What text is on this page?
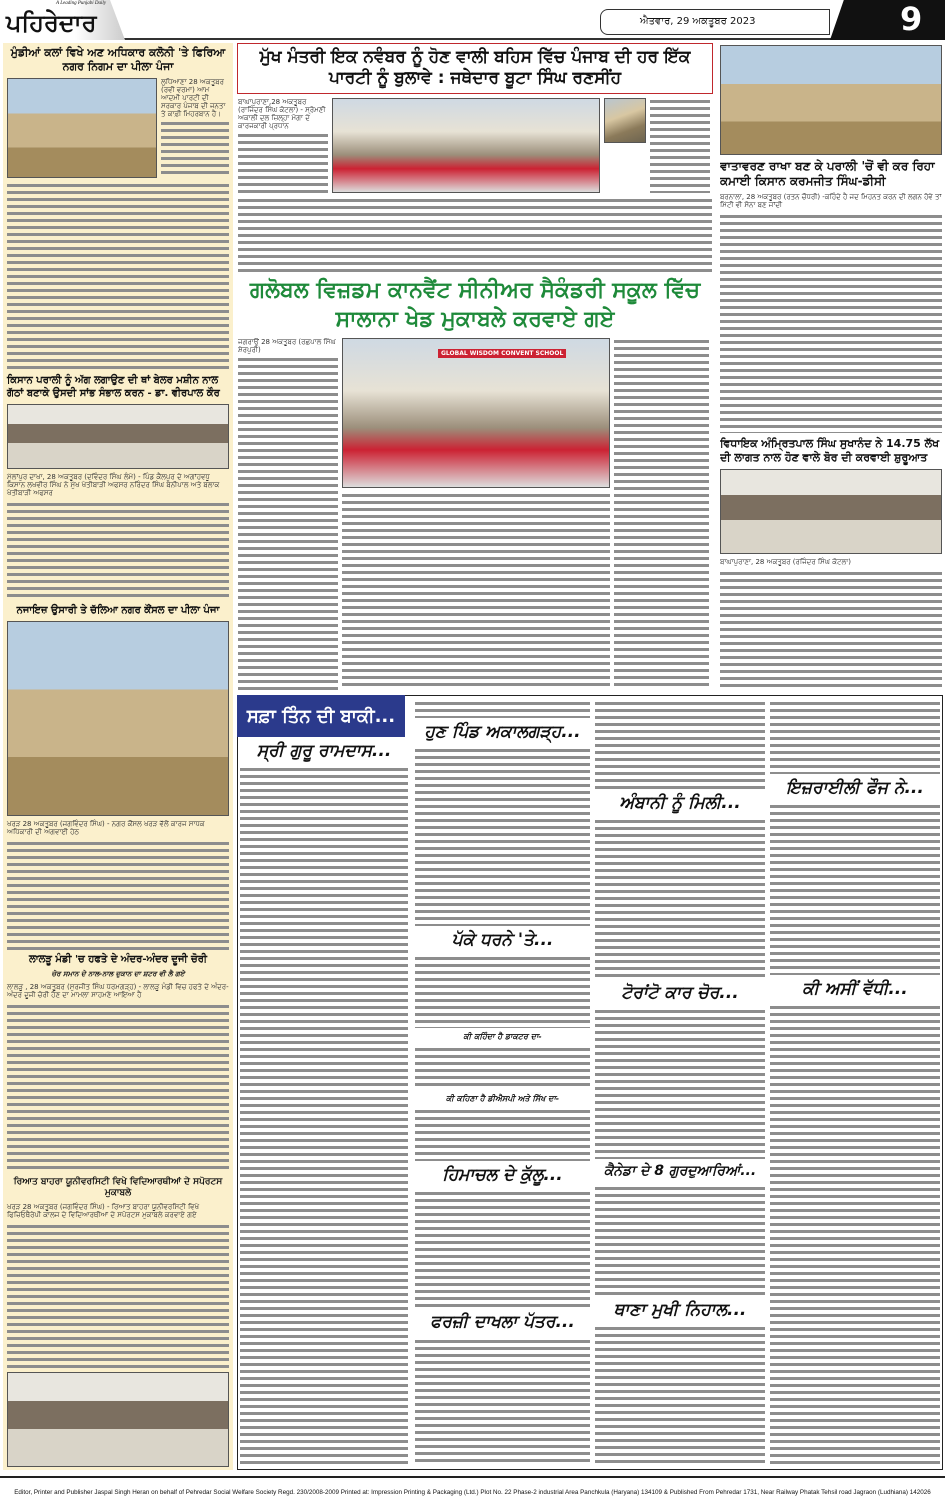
A Leading Punjabi Daily
ਪਹਿਰੇਦਾਰ	ਐਤਵਾਰ, 29 ਅਕਤੂਬਰ 2023	9
ਮੁੰਡੀਆਂ ਕਲਾਂ ਵਿਖੇ ਅਣ ਅਧਿਕਾਰ ਕਲੋਨੀ 'ਤੇ ਫਿਰਿਆ ਨਗਰ ਨਿਗਮ ਦਾ ਪੀਲਾ ਪੰਜਾ
ਲੁਧਿਆਣਾ 28 ਅਕਤੂਬਰ (ਰਵੀ ਵਰਮਾ) ਆਮ ਆਦਮੀ ਪਾਰਟੀ ਦੀ ਸਰਕਾਰ ਪੰਜਾਬ ਦੀ ਜਨਤਾ ਤੇ ਕਾਫ਼ੀ ਮਿਹਰਬਾਨ ਹੈ।
ਕਿਸਾਨ ਪਰਾਲੀ ਨੂੰ ਅੱਗ ਲਗਾਉਣ ਦੀ ਥਾਂ ਬੇਲਰ ਮਸ਼ੀਨ ਨਾਲ ਗੱਠਾਂ ਬਣਾਕੇ ਉਸਦੀ ਸਾਂਭ ਸੰਭਾਲ ਕਰਨ - ਡਾ. ਵੀਰਪਾਲ ਕੌਰ
ਮੁੱਲਾਂਪੁਰ ਦਾਖਾ, 28 ਅਕਤੂਬਰ (ਦਵਿੰਦਰ ਸਿੰਘ ਲੰਮੇ) - ਪਿੰਡ ਕੈਲਪੁਰ ਦੇ ਅਗਾਂਹਵਧੂ ਕਿਸਾਨ ਲਖਵੀਰ ਸਿੰਘ ਨੇ ਮੁੱਖ ਖੇਤੀਬਾੜੀ ਅਫਸਰ ਨਰਿੰਦਰ ਸਿੰਘ ਬੇਨੀਪਾਲ ਅਤੇ ਬਲਾਕ ਖੇਤੀਬਾੜੀ ਅਫਸਰ
ਨਜਾਇਜ਼ ਉਸਾਰੀ ਤੇ ਚੱਲਿਆ ਨਗਰ ਕੌਂਸਲ ਦਾ ਪੀਲਾ ਪੰਜਾ
ਖਰੜ 28 ਅਕਤੂਬਰ (ਜਗਵਿੰਦਰ ਸਿੰਘ) - ਨਗਰ ਕੌਂਸਲ ਖਰੜ ਵੱਲੋਂ ਕਾਰਜ ਸਾਧਕ ਅਧਿਕਾਰੀ ਦੀ ਅਗਵਾਈ ਹੇਠ
ਲਾਲੜੂ ਮੰਡੀ 'ਚ ਹਫਤੇ ਦੇ ਅੰਦਰ-ਅੰਦਰ ਦੂਜੀ ਚੋਰੀ
ਚੋਰ ਸਮਾਨ ਦੇ ਨਾਲ-ਨਾਲ ਦੁਕਾਨ ਦਾ ਸ਼ਟਰ ਵੀ ਲੈ ਗਏ
ਲਾਲੜੂ , 28 ਅਕਤੂਬਰ (ਸੁਰਜੀਤ ਸਿੰਘ ਧਰਮਗੜ੍ਹ) - ਲਾਲੜੂ ਮੰਡੀ ਵਿਚ ਹਫਤੇ ਦੇ ਅੰਦਰ-ਅੰਦਰ ਦੂਜੀ ਚੋਰੀ ਹੋਣ ਦਾ ਮਾਮਲਾ ਸਾਹਮਣੇ ਆਇਆ ਹੈ
ਰਿਆਤ ਬਾਹਰਾ ਯੂਨੀਵਰਸਿਟੀ ਵਿਖੇ ਵਿਦਿਆਰਥੀਆਂ ਦੇ ਸਪੋਰਟਸ ਮੁਕਾਬਲੇ
ਖਰੜ 28 ਅਕਤੂਬਰ (ਜਗਵਿੰਦਰ ਸਿੰਘ) - ਰਿਆਤ ਬਾਹਰਾ ਯੂਨੀਵਰਸਿਟੀ ਵਿਖੇ ਫਿਜ਼ਿਓਥੈਰੇਪੀ ਕਾਲਜ ਦੇ ਵਿਦਿਆਰਥੀਆਂ ਦੇ ਸਪੋਰਟਸ ਮੁਕਾਬਲੇ ਕਰਵਾਏ ਗਏ
ਮੁੱਖ ਮੰਤਰੀ ਇਕ ਨਵੰਬਰ ਨੂੰ ਹੋਣ ਵਾਲੀ ਬਹਿਸ ਵਿੱਚ ਪੰਜਾਬ ਦੀ ਹਰ ਇੱਕ ਪਾਰਟੀ ਨੂੰ ਬੁਲਾਵੇ : ਜਥੇਦਾਰ ਬੂਟਾ ਸਿੰਘ ਰਣਸੀਂਹ
ਬਾਘਾਪੁਰਾਣਾ,28 ਅਕਤੂਬਰ (ਰਾਜਿੰਦਰ ਸਿੰਘ ਕੋਟਲਾ) - ਸ੍ਰੋਮਣੀ ਅਕਾਲੀ ਦਲ ਜ਼ਿਲ੍ਹਾ ਮੋਗਾ ਦੇ ਕਾਰਜਕਾਰੀ ਪ੍ਰਧਾਨ
ਗਲੋਬਲ ਵਿਜ਼ਡਮ ਕਾਨਵੈਂਟ ਸੀਨੀਅਰ ਸੈਕੰਡਰੀ ਸਕੂਲ ਵਿੱਚ ਸਾਲਾਨਾ ਖੇਡ ਮੁਕਾਬਲੇ ਕਰਵਾਏ ਗਏ
ਜਗਰਾਉਂ 28 ਅਕਤੂਬਰ (ਰਛਪਾਲ ਸਿੰਘ ਸ਼ੇਰਪੁਰੀ)	GLOBAL WISDOM CONVENT SCHOOL
ਵਾਤਾਵਰਣ ਰਾਖਾ ਬਣ ਕੇ ਪਰਾਲੀ 'ਚੋਂ ਵੀ ਕਰ ਰਿਹਾ ਕਮਾਈ ਕਿਸਾਨ ਕਰਮਜੀਤ ਸਿੰਘ-ਡੀਸੀ
ਬਰਨਾਲਾ, 28 ਅਕਤੂਬਰ (ਰਤਨ ਚੌਧਰੀ) -ਕਹਿੰਦੇ ਹੈ ਜਦ ਮਿਹਨਤ ਕਰਨ ਦੀ ਲਗਨ ਹੋਵੇ ਤਾਂ ਮਿੱਟੀ ਵੀ ਸੋਨਾ ਬਣ ਜਾਂਦੀ
ਵਿਧਾਇਕ ਅੰਮ੍ਰਿਤਪਾਲ ਸਿੰਘ ਸੁਖਾਨੰਦ ਨੇ 14.75 ਲੱਖ ਦੀ ਲਾਗਤ ਨਾਲ ਹੋਣ ਵਾਲੇ ਬੋਰ ਦੀ ਕਰਵਾਈ ਸ਼ੁਰੂਆਤ
ਬਾਘਾਪੁਰਾਣਾ, 28 ਅਕਤੂਬਰ (ਰਜਿੰਦਰ ਸਿੰਘ ਕੋਟਲਾ)
ਸਫ਼ਾ ਤਿੰਨ ਦੀ ਬਾਕੀ...
ਸ੍ਰੀ ਗੁਰੂ ਰਾਮਦਾਸ...
ਹੁਣ ਪਿੰਡ ਅਕਾਲਗੜ੍ਹ...
ਪੱਕੇ ਧਰਨੇ 'ਤੇ...
ਕੀ ਕਹਿੰਦਾ ਹੈ ਡਾਕਟਰ ਦਾ-
ਕੀ ਕਹਿਣਾ ਹੈ ਡੀਐਸਪੀ ਅਤੇ ਸਿੱਖ ਦਾ-
ਹਿਮਾਚਲ ਦੇ ਕੁੱਲੂ...
ਫਰਜ਼ੀ ਦਾਖਲਾ ਪੱਤਰ...
ਅੰਬਾਨੀ ਨੂੰ ਮਿਲੀ...
ਟੋਰਾਂਟੋ ਕਾਰ ਚੋਰ...
ਕੈਨੇਡਾ ਦੇ 8 ਗੁਰਦੁਆਰਿਆਂ...
ਥਾਣਾ ਮੁਖੀ ਨਿਹਾਲ...
ਇਜ਼ਰਾਈਲੀ ਫੌਜ ਨੇ...
ਕੀ ਅਸੀਂ ਵੱਧੀ...
Editor, Printer and Publisher Jaspal Singh Heran on behalf of Pehredar Social Welfare Society Regd. 230/2008-2009 Printed at: Impression Printing & Packaging (Ltd.) Plot No. 22 Phase-2 industrial Area Panchkula (Haryana) 134109 & Published From Pehredar 1731, Near Railway Phatak Tehsil road Jagraon (Ludhiana) 142026
